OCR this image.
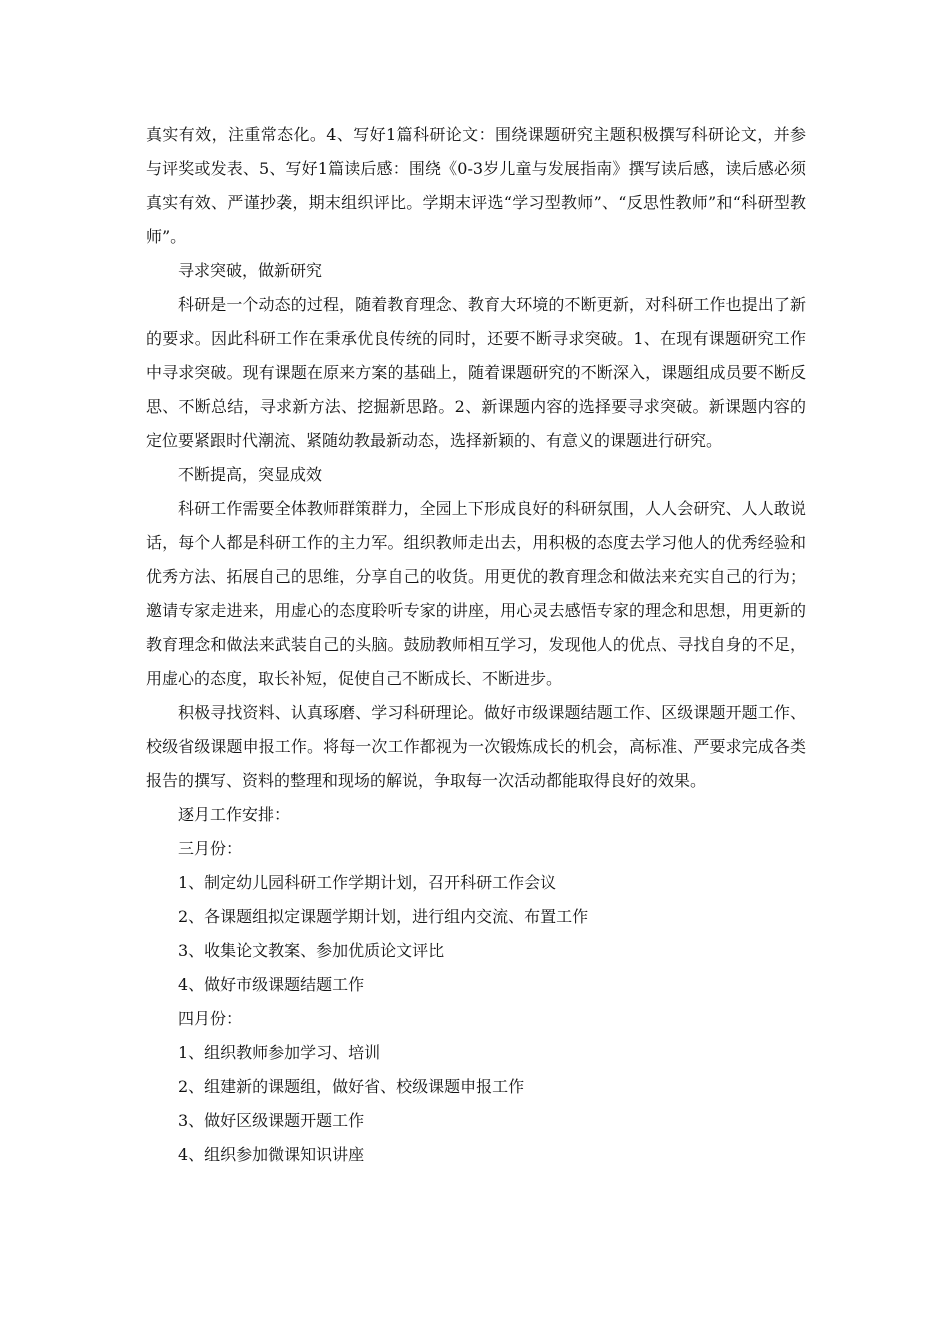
真实有效，注重常态化。4、写好1篇科研论文：围绕课题研究主题积极撰写科研论文，并参与评奖或发表、5、写好1篇读后感：围绕《0-3岁儿童与发展指南》撰写读后感，读后感必须真实有效、严谨抄袭，期末组织评比。学期末评选“学习型教师”、“反思性教师”和“科研型教师”。

寻求突破，做新研究

科研是一个动态的过程，随着教育理念、教育大环境的不断更新，对科研工作也提出了新的要求。因此科研工作在秉承优良传统的同时，还要不断寻求突破。1、在现有课题研究工作中寻求突破。现有课题在原来方案的基础上，随着课题研究的不断深入，课题组成员要不断反思、不断总结，寻求新方法、挖掘新思路。2、新课题内容的选择要寻求突破。新课题内容的定位要紧跟时代潮流、紧随幼教最新动态，选择新颖的、有意义的课题进行研究。

不断提高，突显成效

科研工作需要全体教师群策群力，全园上下形成良好的科研氛围，人人会研究、人人敢说话，每个人都是科研工作的主力军。组织教师走出去，用积极的态度去学习他人的优秀经验和优秀方法、拓展自己的思维，分享自己的收货。用更优的教育理念和做法来充实自己的行为；邀请专家走进来，用虚心的态度聆听专家的讲座，用心灵去感悟专家的理念和思想，用更新的教育理念和做法来武装自己的头脑。鼓励教师相互学习，发现他人的优点、寻找自身的不足，用虚心的态度，取长补短，促使自己不断成长、不断进步。

积极寻找资料、认真琢磨、学习科研理论。做好市级课题结题工作、区级课题开题工作、校级省级课题申报工作。将每一次工作都视为一次锻炼成长的机会，高标准、严要求完成各类报告的撰写、资料的整理和现场的解说，争取每一次活动都能取得良好的效果。

逐月工作安排：

三月份：

1、制定幼儿园科研工作学期计划，召开科研工作会议

2、各课题组拟定课题学期计划，进行组内交流、布置工作

3、收集论文教案、参加优质论文评比

4、做好市级课题结题工作

四月份：

1、组织教师参加学习、培训

2、组建新的课题组，做好省、校级课题申报工作

3、做好区级课题开题工作

4、组织参加微课知识讲座
